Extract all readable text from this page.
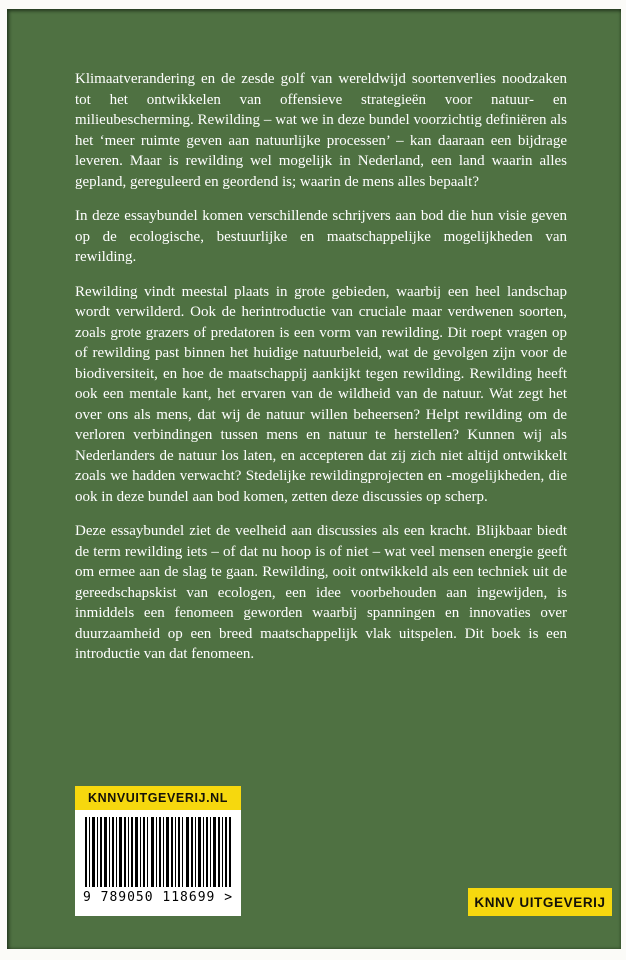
Klimaatverandering en de zesde golf van wereldwijd soortenverlies noodzaken tot het ontwikkelen van offensieve strategieën voor natuur- en milieubescherming. Rewilding – wat we in deze bundel voorzichtig definiëren als het ‘meer ruimte geven aan natuurlijke processen’ – kan daaraan een bijdrage leveren. Maar is rewilding wel mogelijk in Nederland, een land waarin alles gepland, gereguleerd en geordend is; waarin de mens alles bepaalt?

In deze essaybundel komen verschillende schrijvers aan bod die hun visie geven op de ecologische, bestuurlijke en maatschappelijke mogelijkheden van rewilding.

Rewilding vindt meestal plaats in grote gebieden, waarbij een heel landschap wordt verwilderd. Ook de herintroductie van cruciale maar verdwenen soorten, zoals grote grazers of predatoren is een vorm van rewilding. Dit roept vragen op of rewilding past binnen het huidige natuurbeleid, wat de gevolgen zijn voor de biodiversiteit, en hoe de maatschappij aankijkt tegen rewilding. Rewilding heeft ook een mentale kant, het ervaren van de wildheid van de natuur. Wat zegt het over ons als mens, dat wij de natuur willen beheersen? Helpt rewilding om de verloren verbindingen tussen mens en natuur te herstellen? Kunnen wij als Nederlanders de natuur los laten, en accepteren dat zij zich niet altijd ontwikkelt zoals we hadden verwacht? Stedelijke rewildingprojecten en -mogelijkheden, die ook in deze bundel aan bod komen, zetten deze discussies op scherp.

Deze essaybundel ziet de veelheid aan discussies als een kracht. Blijkbaar biedt de term rewilding iets – of dat nu hoop is of niet – wat veel mensen energie geeft om ermee aan de slag te gaan. Rewilding, ooit ontwikkeld als een techniek uit de gereedschapskist van ecologen, een idee voorbehouden aan ingewijden, is inmiddels een fenomeen geworden waarbij spanningen en innovaties over duurzaamheid op een breed maatschappelijk vlak uitspelen. Dit boek is een introductie van dat fenomeen.

KNNVUITGEVERIJ.NL
9 789050 118699 >	KNNV UITGEVERIJ
